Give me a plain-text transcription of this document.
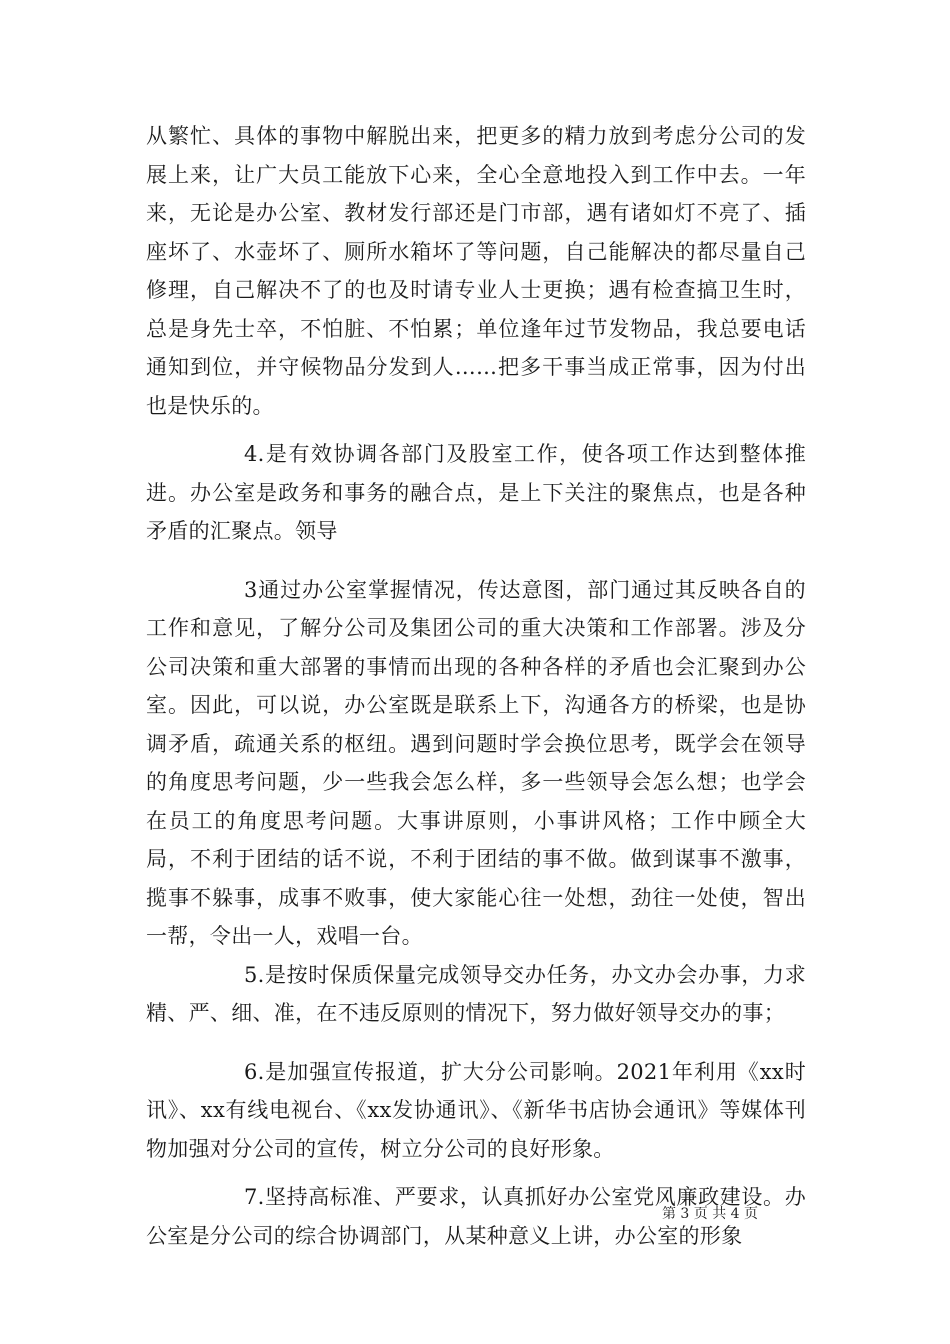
从繁忙、具体的事物中解脱出来，把更多的精力放到考虑分公司的发展上来，让广大员工能放下心来，全心全意地投入到工作中去。一年来，无论是办公室、教材发行部还是门市部，遇有诸如灯不亮了、插座坏了、水壶坏了、厕所水箱坏了等问题，自己能解决的都尽量自己修理，自己解决不了的也及时请专业人士更换；遇有检查搞卫生时，总是身先士卒，不怕脏、不怕累；单位逢年过节发物品，我总要电话通知到位，并守候物品分发到人……把多干事当成正常事，因为付出也是快乐的。

4.是有效协调各部门及股室工作，使各项工作达到整体推进。办公室是政务和事务的融合点，是上下关注的聚焦点，也是各种矛盾的汇聚点。领导

3通过办公室掌握情况，传达意图，部门通过其反映各自的工作和意见，了解分公司及集团公司的重大决策和工作部署。涉及分公司决策和重大部署的事情而出现的各种各样的矛盾也会汇聚到办公室。因此，可以说，办公室既是联系上下，沟通各方的桥梁，也是协调矛盾，疏通关系的枢纽。遇到问题时学会换位思考，既学会在领导的角度思考问题，少一些我会怎么样，多一些领导会怎么想；也学会在员工的角度思考问题。大事讲原则，小事讲风格；工作中顾全大局，不利于团结的话不说，不利于团结的事不做。做到谋事不激事，揽事不躲事，成事不败事，使大家能心往一处想，劲往一处使，智出一帮，令出一人，戏唱一台。

5.是按时保质保量完成领导交办任务，办文办会办事，力求精、严、细、准，在不违反原则的情况下，努力做好领导交办的事；

6.是加强宣传报道，扩大分公司影响。2021年利用《xx时讯》、xx有线电视台、《xx发协通讯》、《新华书店协会通讯》等媒体刊物加强对分公司的宣传，树立分公司的良好形象。

7.坚持高标准、严要求，认真抓好办公室党风廉政建设。办公室是分公司的综合协调部门，从某种意义上讲，办公室的形象

第 3 页 共 4 页
